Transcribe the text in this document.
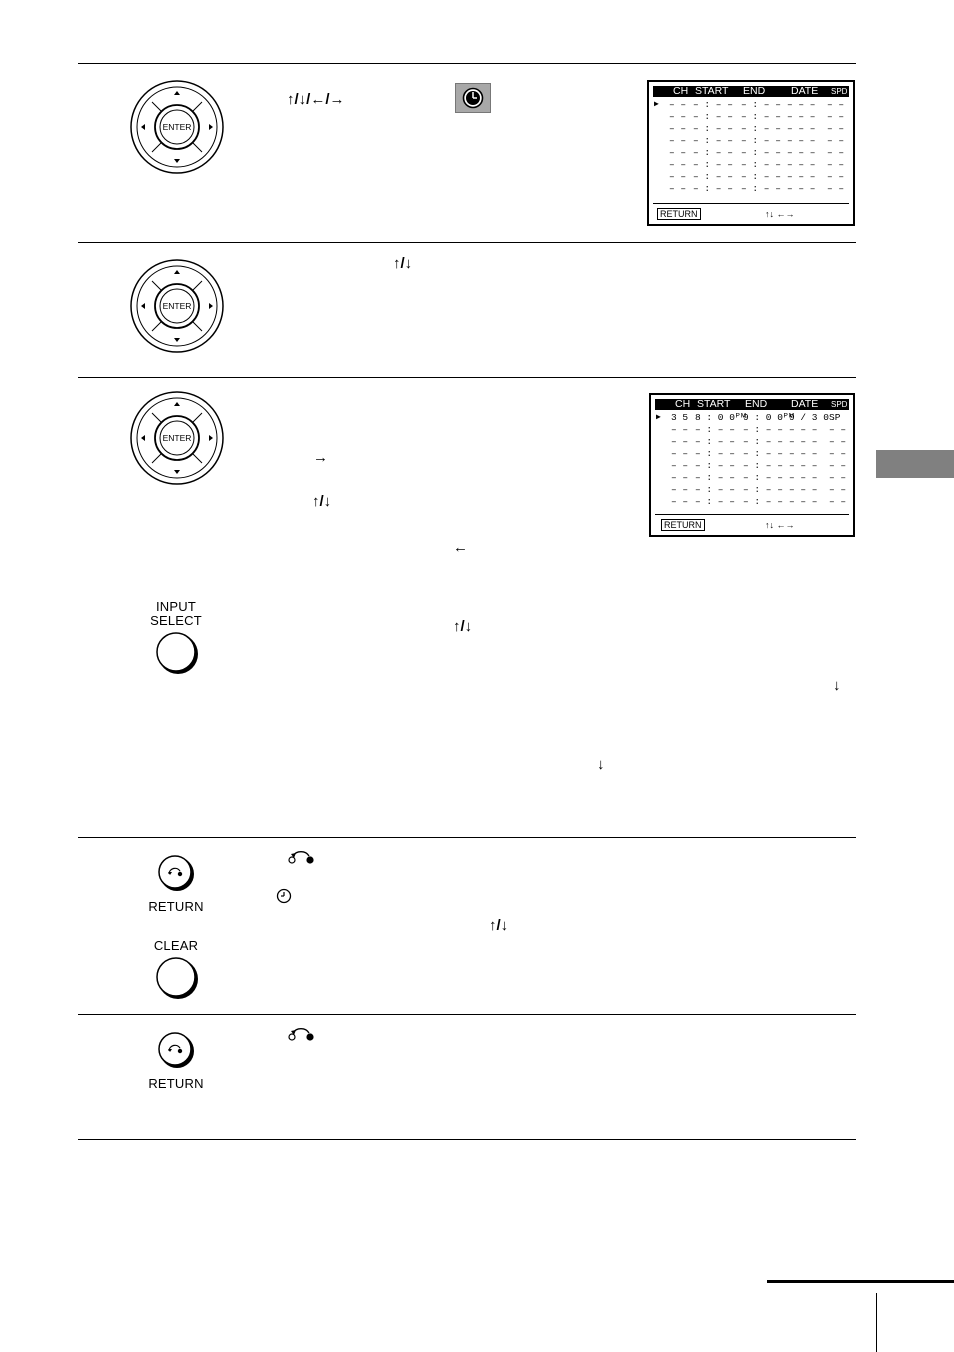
ENTER
ENTER
ENTER
INPUT
SELECT
RETURN
CLEAR
RETURN
↑/↓/←/→
↑/↓
→
↑/↓
←
↑/↓
↓
↓
↑/↓
CH START END DATE SPD
▶ – – – : – – – : – – – – – – –
– – – : – – – : – – – – – – –
– – – : – – – : – – – – – – –
– – – : – – – : – – – – – – –
– – – : – – – : – – – – – – –
– – – : – – – : – – – – – – –
– – – : – – – : – – – – – – –
– – – : – – – : – – – – – – –
RETURN	↑↓ ←→
CH START END DATE SPD
▶ 3 5 8 : 0 0ᴾᴹ
9 : 0 0ᴾᴹ
9 / 3 0 SP
– – – : – – – : – – – – – – –
– – – : – – – : – – – – – – –
– – – : – – – : – – – – – – –
– – – : – – – : – – – – – – –
– – – : – – – : – – – – – – –
– – – : – – – : – – – – – – –
– – – : – – – : – – – – – – –
RETURN	↑↓ ←→
